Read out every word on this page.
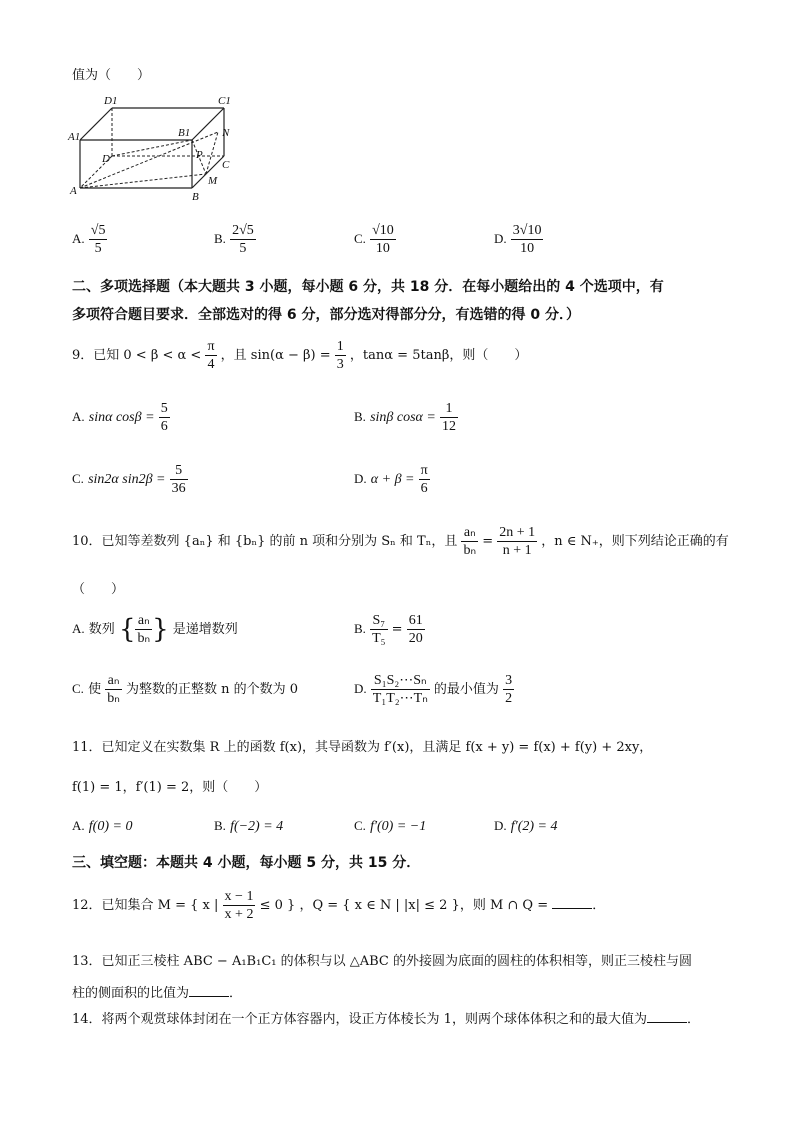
值为（　　）
D1	C1
A1	B1	N
D	P
C
A
M
B
A. $\frac{√5}{5}$	B. $\frac{2√5}{5}$	C. $\frac{√10}{10}$	D. $\frac{3√10}{10}$
二、多项选择题（本大题共 3 小题，每小题 6 分，共 18 分．在每小题给出的 4 个选项中，有
多项符合题目要求．全部选对的得 6 分，部分选对得部分分，有选错的得 0 分．）
9．已知 $0 < \beta < \alpha < \frac{\pi}{4}$ ，且 $\sin(\alpha - \beta) = \frac{1}{3}$ ，tanα = 5tanβ，则（　　）
A. sinα $\cos\beta = \frac{5}{6}$	B. sinβ $\cos\alpha = \frac{1}{12}$
C. sin2α $\sin 2\beta = \frac{5}{36}$	D. $\alpha + \beta = \frac{\pi}{6}$
10．已知等差数列 {aₙ} 和 {bₙ} 的前 n 项和分别为 Sₙ 和 Tₙ，且 $\frac{\text{aₙ}}{\text{bₙ}} = \frac{2n + 1}{n + 1}$ ，n ∈ N₊，则下列结论正确的有
（　　）
A. 数列 { $\frac{\text{aₙ}}{\text{bₙ}}$ } 是递增数列	B. $\frac{\text{S₇}}{\text{T₅}} = \frac{61}{20}$
C. 使 $\frac{\text{aₙ}}{\text{bₙ}}$ 为整数的正整数 n 的个数为 0	D. $\frac{\text{S₁S₂⋯Sₙ}}{\text{T₁T₂⋯Tₙ}}$ 的最小值为 $\frac{3}{2}$
11．已知定义在实数集 R 上的函数 f(x)，其导函数为 f′(x)，且满足 f(x + y) = f(x) + f(y) + 2xy，
f(1) = 1，f′(1) = 2，则（　　）
A. f(0) = 0	B. f(−2) = 4	C. f′(0) = −1	D. f′(2) = 4
三、填空题：本题共 4 小题，每小题 5 分，共 15 分．
12．已知集合 M = { x | $\frac{x - 1}{x + 2} \le 0$ } ，Q = { x ∈ N | |x| ≤ 2 }，则 M ∩ Q =	．
13．已知正三棱柱 ABC − A₁B₁C₁ 的体积与以 △ABC 的外接圆为底面的圆柱的体积相等，则正三棱柱与圆
柱的侧面积的比值为	．
14．将两个观赏球体封闭在一个正方体容器内，设正方体棱长为 1，则两个球体体积之和的最大值为	．
